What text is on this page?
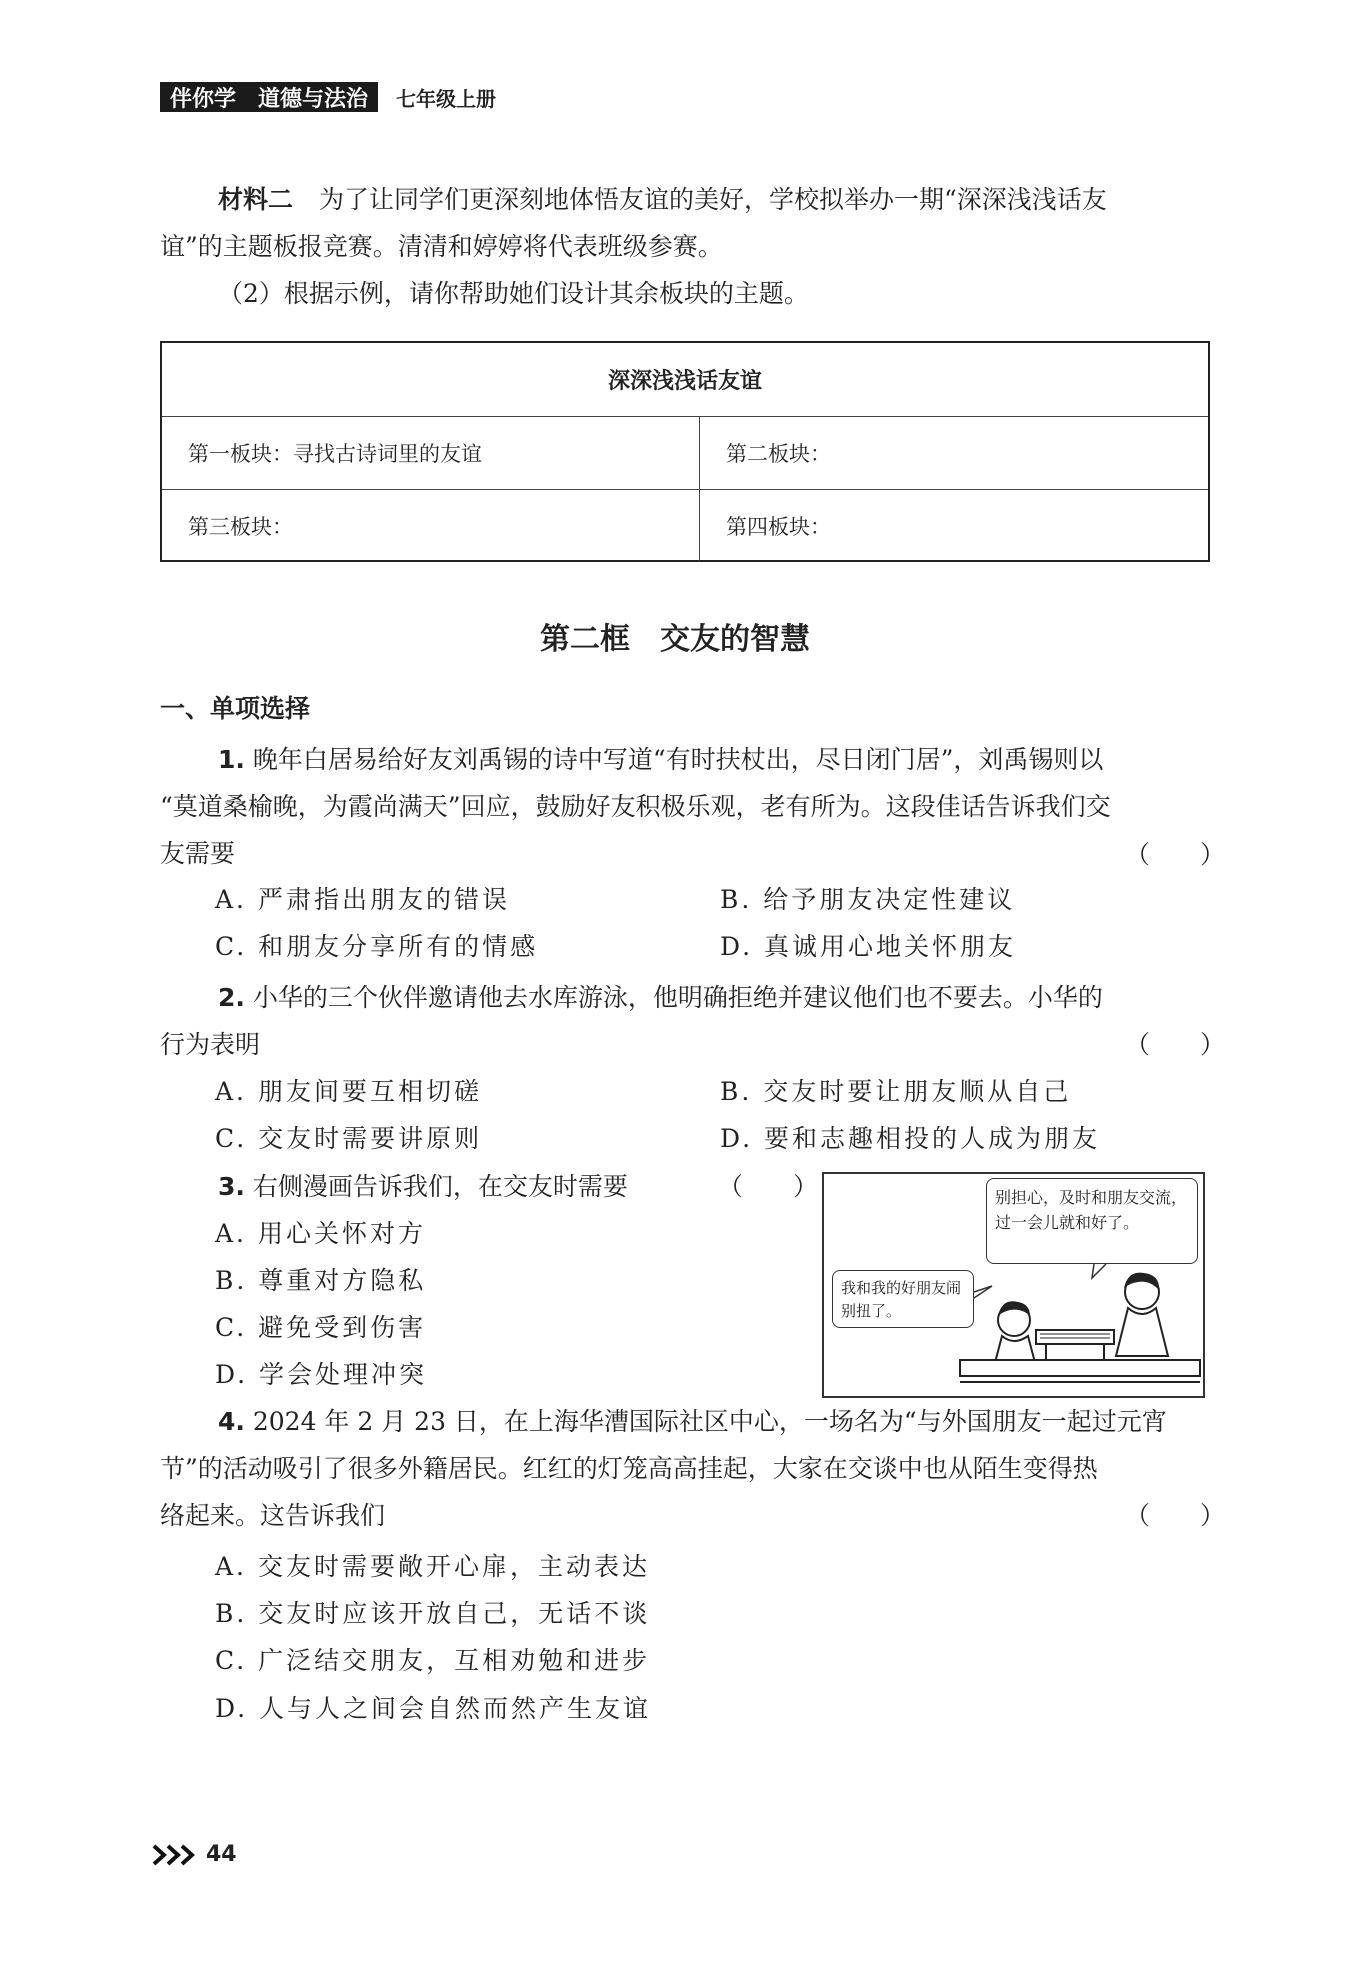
伴你学 道德与法治 七年级上册
材料二 为了让同学们更深刻地体悟友谊的美好，学校拟举办一期“深深浅浅话友
谊”的主题板报竞赛。清清和婷婷将代表班级参赛。
（2）根据示例，请你帮助她们设计其余板块的主题。
深深浅浅话友谊
第一板块：寻找古诗词里的友谊	第二板块：
第三板块：	第四板块：
第二框　交友的智慧
一、单项选择
1. 晚年白居易给好友刘禹锡的诗中写道“有时扶杖出，尽日闭门居”，刘禹锡则以
“莫道桑榆晚，为霞尚满天”回应，鼓励好友积极乐观，老有所为。这段佳话告诉我们交
友需要	（　　）
A. 严肃指出朋友的错误	B. 给予朋友决定性建议
C. 和朋友分享所有的情感	D. 真诚用心地关怀朋友
2. 小华的三个伙伴邀请他去水库游泳，他明确拒绝并建议他们也不要去。小华的
行为表明	（　　）
A. 朋友间要互相切磋	B. 交友时要让朋友顺从自己
C. 交友时需要讲原则	D. 要和志趣相投的人成为朋友
3. 右侧漫画告诉我们，在交友时需要	（　　）
A. 用心关怀对方
B. 尊重对方隐私
C. 避免受到伤害
D. 学会处理冲突
别担心，及时和朋友交流，过一会儿就和好了。
我和我的好朋友闹别扭了。
4. 2024 年 2 月 23 日，在上海华漕国际社区中心，一场名为“与外国朋友一起过元宵
节”的活动吸引了很多外籍居民。红红的灯笼高高挂起，大家在交谈中也从陌生变得热
络起来。这告诉我们	（　　）
A. 交友时需要敞开心扉，主动表达
B. 交友时应该开放自己，无话不谈
C. 广泛结交朋友，互相劝勉和进步
D. 人与人之间会自然而然产生友谊
44
